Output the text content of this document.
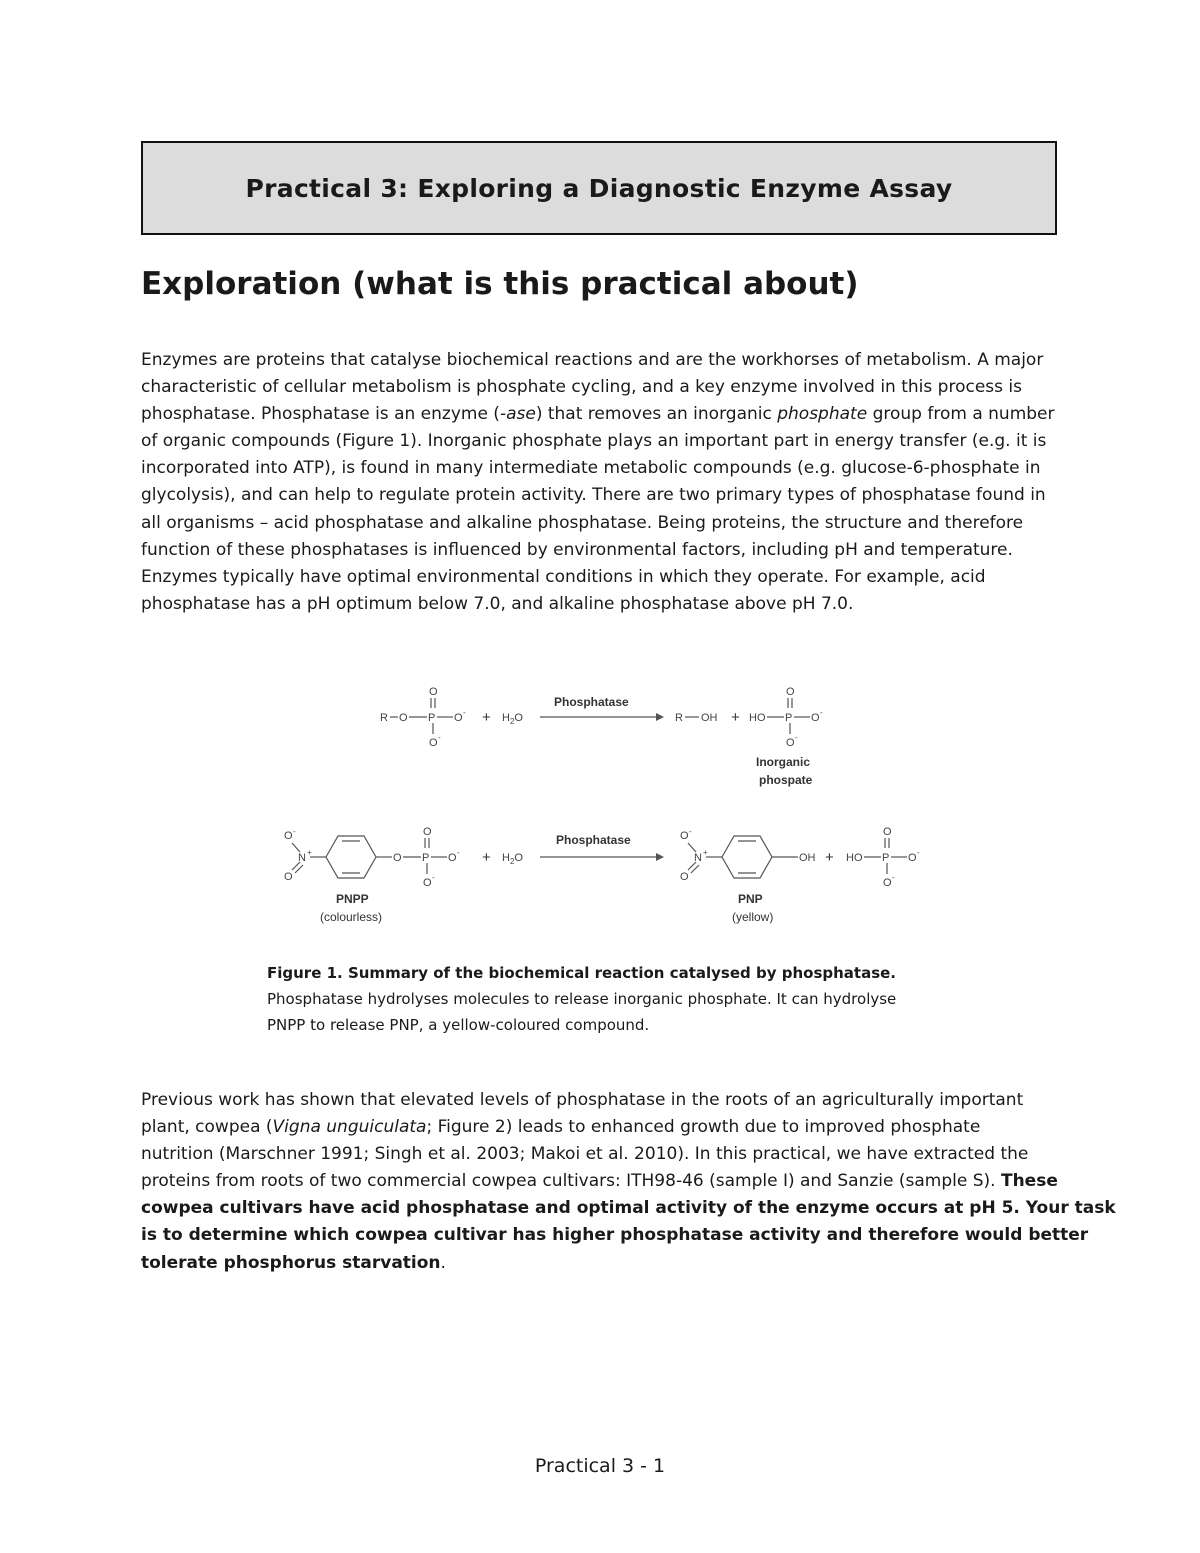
Practical 3: Exploring a Diagnostic Enzyme Assay
Exploration (what is this practical about)

Enzymes are proteins that catalyse biochemical reactions and are the workhorses of metabolism. A major
characteristic of cellular metabolism is phosphate cycling, and a key enzyme involved in this process is
phosphatase. Phosphatase is an enzyme (-ase) that removes an inorganic phosphate group from a number
of organic compounds (Figure 1). Inorganic phosphate plays an important part in energy transfer (e.g. it is
incorporated into ATP), is found in many intermediate metabolic compounds (e.g. glucose-6-phosphate in
glycolysis), and can help to regulate protein activity. There are two primary types of phosphatase found in
all organisms – acid phosphatase and alkaline phosphatase. Being proteins, the structure and therefore
function of these phosphatases is influenced by environmental factors, including pH and temperature.
Enzymes typically have optimal environmental conditions in which they operate. For example, acid
phosphatase has a pH optimum below 7.0, and alkaline phosphatase above pH 7.0.

R O P O -
O
O -
+ $H_2O$
Phosphatase
R OH + HO P O -
O
O -
Inorganic
phospate
O -
N +
O
O P O -
O
O -
PNPP
(colourless)
+ $H_2O$
Phosphatase	O -
N +
O
OH
PNP
(yellow)
+ HO P O -
O
O -

Figure 1. Summary of the biochemical reaction catalysed by phosphatase.
Phosphatase hydrolyses molecules to release inorganic phosphate. It can hydrolyse
PNPP to release PNP, a yellow-coloured compound.

Previous work has shown that elevated levels of phosphatase in the roots of an agriculturally important
plant, cowpea (Vigna unguiculata; Figure 2) leads to enhanced growth due to improved phosphate
nutrition (Marschner 1991; Singh et al. 2003; Makoi et al. 2010). In this practical, we have extracted the
proteins from roots of two commercial cowpea cultivars: ITH98-46 (sample I) and Sanzie (sample S). These
cowpea cultivars have acid phosphatase and optimal activity of the enzyme occurs at pH 5. Your task
is to determine which cowpea cultivar has higher phosphatase activity and therefore would better
tolerate phosphorus starvation.

Practical 3 - 1
